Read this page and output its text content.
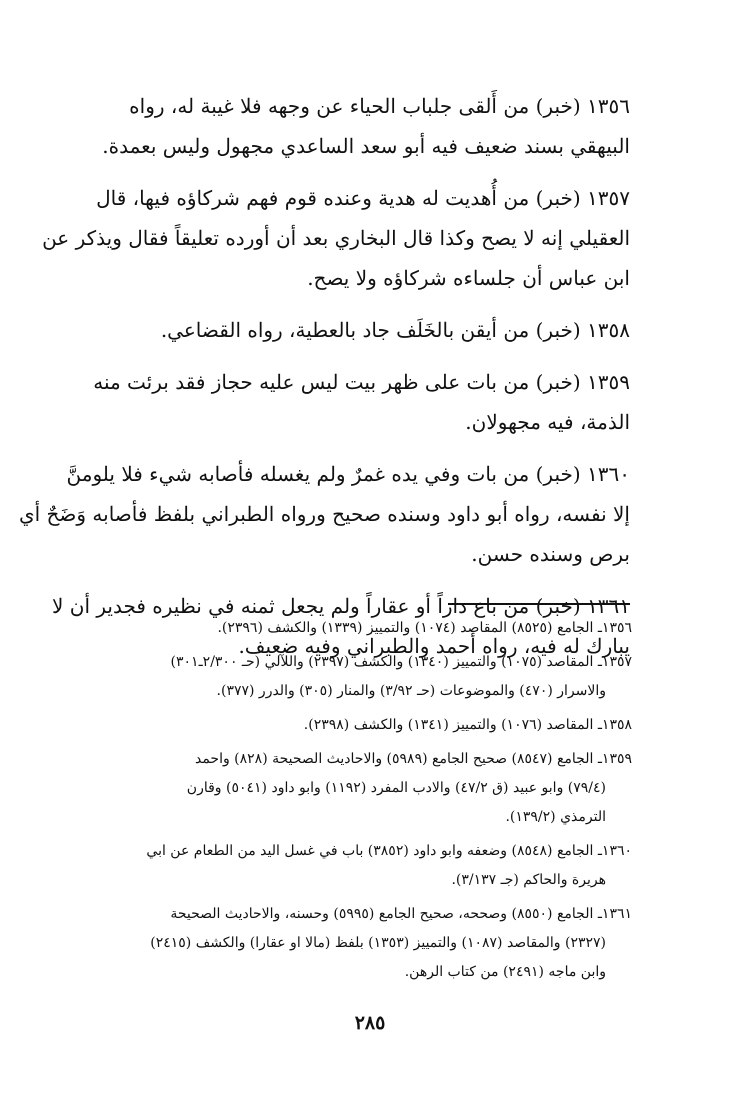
١٣٥٦ (خبر) من أَلقى جلباب الحياء عن وجهه فلا غيبة له، رواه
البيهقي بسند ضعيف فيه أبو سعد الساعدي مجهول وليس بعمدة.
١٣٥٧ (خبر) من أُهديت له هدية وعنده قوم فهم شركاؤه فيها، قال
العقيلي إنه لا يصح وكذا قال البخاري بعد أن أورده تعليقاً فقال ويذكر عن
ابن عباس أن جلساءه شركاؤه ولا يصح.
١٣٥٨ (خبر) من أيقن بالخَلَف جاد بالعطية، رواه القضاعي.
١٣٥٩ (خبر) من بات على ظهر بيت ليس عليه حجاز فقد برئت منه
الذمة، فيه مجهولان.
١٣٦٠ (خبر) من بات وفي يده غمرٌ ولم يغسله فأصابه شيء فلا يلومنَّ
إلا نفسه، رواه أبو داود وسنده صحيح ورواه الطبراني بلفظ فأصابه وَضَحٌ أي
برص وسنده حسن.
١٣٦١ (خبر) من باع داراً أو عقاراً ولم يجعل ثمنه في نظيره فجدير أن لا
يبارك له فيه، رواه أحمد والطبراني وفيه ضعيف.
١٣٥٦ـ الجامع (٨٥٢٥) المقاصد (١٠٧٤) والتمييز (١٣٣٩) والكشف (٢٣٩٦).
١٣٥٧ـ المقاصد (١٠٧٥) والتمييز (١٣٤٠) والكشف (٢٣٩٧) واللآلي (حـ ٢/٣٠٠ـ٣٠١)
والاسرار (٤٧٠) والموضوعات (حـ ٣/٩٢) والمنار (٣٠٥) والدرر (٣٧٧).
١٣٥٨ـ المقاصد (١٠٧٦) والتمييز (١٣٤١) والكشف (٢٣٩٨).
١٣٥٩ـ الجامع (٨٥٤٧) صحيح الجامع (٥٩٨٩) والاحاديث الصحيحة (٨٢٨) واحمد
(٧٩/٤) وابو عبيد (ق ٤٧/٢) والادب المفرد (١١٩٢) وابو داود (٥٠٤١) وقارن
الترمذي (١٣٩/٢).
١٣٦٠ـ الجامع (٨٥٤٨) وضعفه وابو داود (٣٨٥٢) باب في غسل اليد من الطعام عن ابي
هريرة والحاكم (جـ ٣/١٣٧).
١٣٦١ـ الجامع (٨٥٥٠) وصححه، صحيح الجامع (٥٩٩٥) وحسنه، والاحاديث الصحيحة
(٢٣٢٧) والمقاصد (١٠٨٧) والتمييز (١٣٥٣) بلفظ (مالا او عقارا) والكشف (٢٤١٥)
وابن ماجه (٢٤٩١) من كتاب الرهن.
٢٨٥
